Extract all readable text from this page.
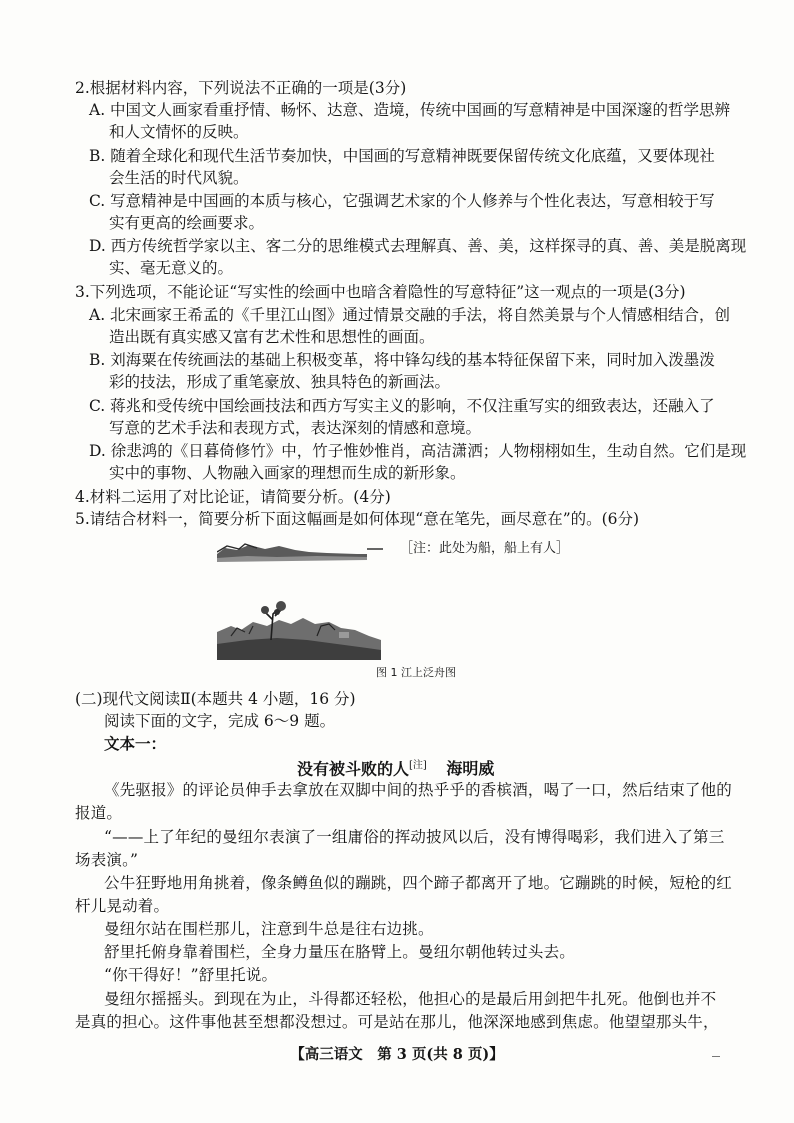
2.根据材料内容，下列说法不正确的一项是(3分)
A. 中国文人画家看重抒情、畅怀、达意、造境，传统中国画的写意精神是中国深邃的哲学思辨
和人文情怀的反映。
B. 随着全球化和现代生活节奏加快，中国画的写意精神既要保留传统文化底蕴，又要体现社
会生活的时代风貌。
C. 写意精神是中国画的本质与核心，它强调艺术家的个人修养与个性化表达，写意相较于写
实有更高的绘画要求。
D. 西方传统哲学家以主、客二分的思维模式去理解真、善、美，这样探寻的真、善、美是脱离现
实、毫无意义的。
3.下列选项，不能论证“写实性的绘画中也暗含着隐性的写意特征”这一观点的一项是(3分)
A. 北宋画家王希孟的《千里江山图》通过情景交融的手法，将自然美景与个人情感相结合，创
造出既有真实感又富有艺术性和思想性的画面。
B. 刘海粟在传统画法的基础上积极变革，将中锋勾线的基本特征保留下来，同时加入泼墨泼
彩的技法，形成了重笔豪放、独具特色的新画法。
C. 蒋兆和受传统中国绘画技法和西方写实主义的影响，不仅注重写实的细致表达，还融入了
写意的艺术手法和表现方式，表达深刻的情感和意境。
D. 徐悲鸿的《日暮倚修竹》中，竹子惟妙惟肖，高洁潇洒；人物栩栩如生，生动自然。它们是现
实中的事物、人物融入画家的理想而生成的新形象。
4.材料二运用了对比论证，请简要分析。(4分)
5.请结合材料一，简要分析下面这幅画是如何体现“意在笔先，画尽意在”的。(6分)
［注：此处为船，船上有人］
图 1 江上泛舟图
(二)现代文阅读Ⅱ(本题共 4 小题，16 分)
阅读下面的文字，完成 6～9 题。
文本一：
没有被斗败的人[注] 海明威
《先驱报》的评论员伸手去拿放在双脚中间的热乎乎的香槟酒，喝了一口，然后结束了他的
报道。
“——上了年纪的曼纽尔表演了一组庸俗的挥动披风以后，没有博得喝彩，我们进入了第三
场表演。”
公牛狂野地用角挑着，像条鳟鱼似的蹦跳，四个蹄子都离开了地。它蹦跳的时候，短枪的红
杆儿晃动着。
曼纽尔站在围栏那儿，注意到牛总是往右边挑。
舒里托俯身靠着围栏，全身力量压在胳臂上。曼纽尔朝他转过头去。
“你干得好！”舒里托说。
曼纽尔摇摇头。到现在为止，斗得都还轻松，他担心的是最后用剑把牛扎死。他倒也并不
是真的担心。这件事他甚至想都没想过。可是站在那儿，他深深地感到焦虑。他望望那头牛，
【高三语文　第 3 页(共 8 页)】
